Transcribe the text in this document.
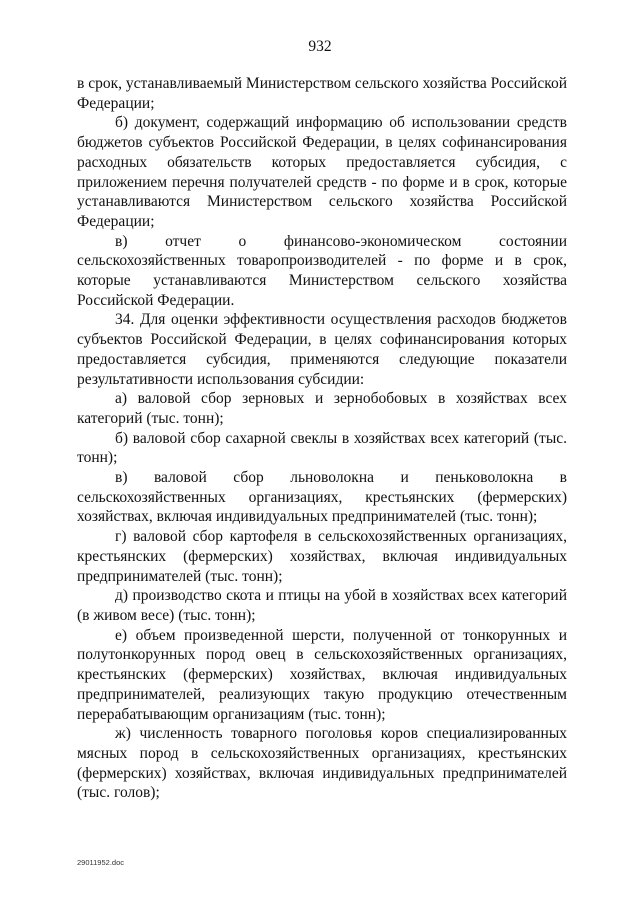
932

в срок, устанавливаемый Министерством сельского хозяйства Российской Федерации;

б) документ, содержащий информацию об использовании средств бюджетов субъектов Российской Федерации, в целях софинансирования расходных обязательств которых предоставляется субсидия, с приложением перечня получателей средств - по форме и в срок, которые устанавливаются Министерством сельского хозяйства Российской Федерации;

в) отчет о финансово-экономическом состоянии сельскохозяйственных товаропроизводителей - по форме и в срок, которые устанавливаются Министерством сельского хозяйства Российской Федерации.

34. Для оценки эффективности осуществления расходов бюджетов субъектов Российской Федерации, в целях софинансирования которых предоставляется субсидия, применяются следующие показатели результативности использования субсидии:

а) валовой сбор зерновых и зернобобовых в хозяйствах всех категорий (тыс. тонн);

б) валовой сбор сахарной свеклы в хозяйствах всех категорий (тыс. тонн);

в) валовой сбор льноволокна и пеньковолокна в сельскохозяйственных организациях, крестьянских (фермерских) хозяйствах, включая индивидуальных предпринимателей (тыс. тонн);

г) валовой сбор картофеля в сельскохозяйственных организациях, крестьянских (фермерских) хозяйствах, включая индивидуальных предпринимателей (тыс. тонн);

д) производство скота и птицы на убой в хозяйствах всех категорий (в живом весе) (тыс. тонн);

е) объем произведенной шерсти, полученной от тонкорунных и полутонкорунных пород овец в сельскохозяйственных организациях, крестьянских (фермерских) хозяйствах, включая индивидуальных предпринимателей, реализующих такую продукцию отечественным перерабатывающим организациям (тыс. тонн);

ж) численность товарного поголовья коров специализированных мясных пород в сельскохозяйственных организациях, крестьянских (фермерских) хозяйствах, включая индивидуальных предпринимателей (тыс. голов);

29011952.doc
